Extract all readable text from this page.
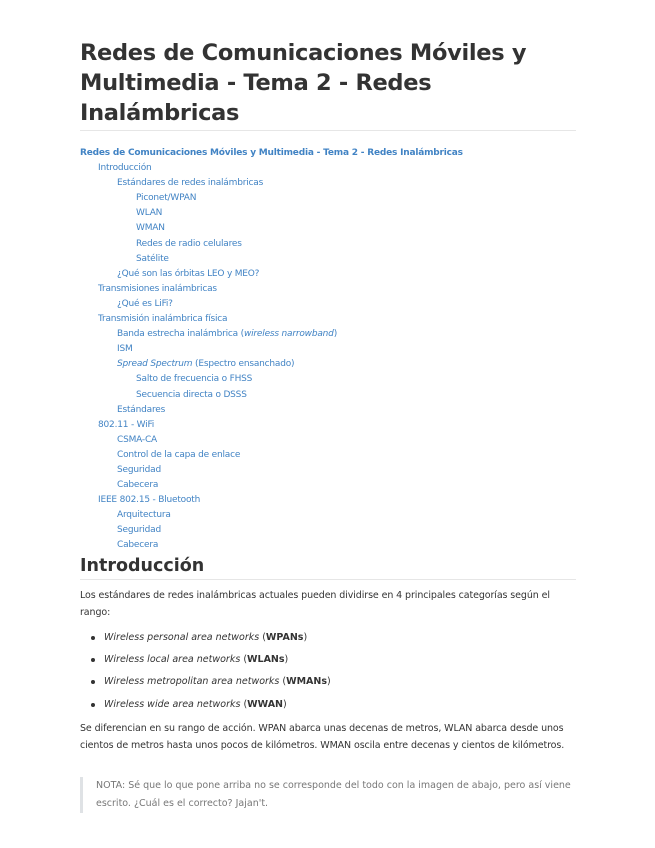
Redes de Comunicaciones Móviles y Multimedia - Tema 2 - Redes Inalámbricas
Redes de Comunicaciones Móviles y Multimedia - Tema 2 - Redes Inalámbricas
Introducción
Estándares de redes inalámbricas
Piconet/WPAN
WLAN
WMAN
Redes de radio celulares
Satélite
¿Qué son las órbitas LEO y MEO?
Transmisiones inalámbricas
¿Qué es LiFi?
Transmisión inalámbrica física
Banda estrecha inalámbrica (wireless narrowband)
ISM
Spread Spectrum (Espectro ensanchado)
Salto de frecuencia o FHSS
Secuencia directa o DSSS
Estándares
802.11 - WiFi
CSMA-CA
Control de la capa de enlace
Seguridad
Cabecera
IEEE 802.15 - Bluetooth
Arquitectura
Seguridad
Cabecera
Introducción

Los estándares de redes inalámbricas actuales pueden dividirse en 4 principales categorías según el rango:

Wireless personal area networks (WPANs)
Wireless local area networks (WLANs)
Wireless metropolitan area networks (WMANs)
Wireless wide area networks (WWAN)

Se diferencian en su rango de acción. WPAN abarca unas decenas de metros, WLAN abarca desde unos cientos de metros hasta unos pocos de kilómetros. WMAN oscila entre decenas y cientos de kilómetros.

NOTA: Sé que lo que pone arriba no se corresponde del todo con la imagen de abajo, pero así viene escrito. ¿Cuál es el correcto? Jajan't.
